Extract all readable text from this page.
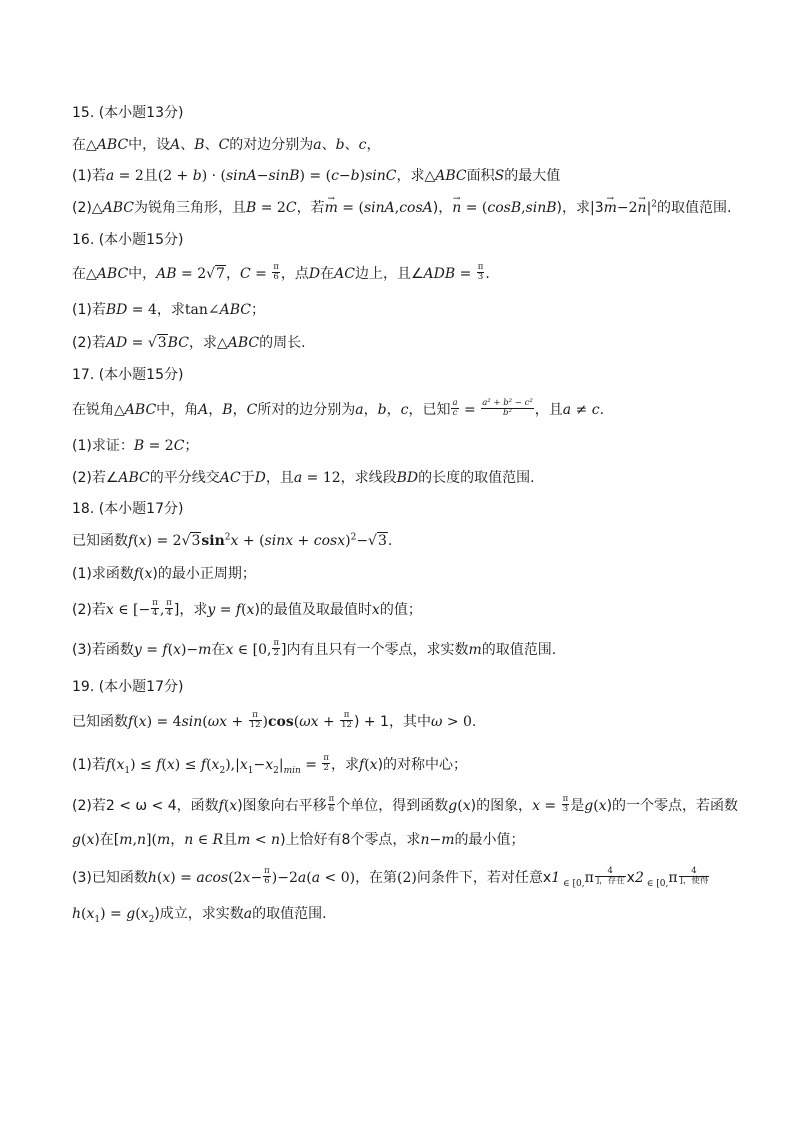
15. (本小题13分)
在△ABC中，设A、B、C的对边分别为a、b、c，
(1)若a = 2且(2 + b) · (sinA−sinB) = (c−b)sinC，求△ABC面积S的最大值
(2)△ABC为锐角三角形，且B = 2C，若→ m = (sinA,cosA)，→ n = (cosB,sinB)，求$|3\to m-2\to n|^2$的取值范围.
16. (本小题15分)
在△ABC中，AB = 2√7，$C = \frac{\pi}{6}$ ，点D在AC边上，且∠ADB = $\frac{\pi}{3}$ .
(1)若BD = 4，求tan∠ABC；
(2)若AD = √3BC，求△ABC的周长.
17. (本小题15分)
在锐角△ABC中，角A，B，C所对的边分别为a，b，c，已知 $\frac{a}{c} = \frac{\text{a² + b² − c²}}{\text{b²}}$ ，且a ≠ c.
(1)求证：B = 2C；
(2)若∠ABC的平分线交AC于D，且a = 12，求线段BD的长度的取值范围.
18. (本小题17分)
已知函数$f(x) = 2√3\sin^2x + (\sin x + \cos x)^2-√3$.
(1)求函数f(x)的最小正周期；
(2)若x ∈ [− $\frac{\pi}{4}$ , $\frac{\pi}{4}$ ]，求y = f(x)的最值及取最值时x的值；
(3)若函数y = f(x)−m在x ∈ [0, $\frac{\pi}{2}$ ]内有且只有一个零点，求实数m的取值范围.
19. (本小题17分)
已知函数$f(x) = 4\sin(\omega x + \frac{\pi}{12} )\cos(\omega x + \frac{\pi}{12}$ ) + 1，其中ω > 0.
(1)若$f(x_1) \le f(x) \le f(x_2),|x_1-x_2|_{min} = \frac{\pi}{2}$ ，求f(x)的对称中心；
(2)若2 < ω < 4，函数f(x)图象向右平移 $\frac{\pi}{6}$ 个单位，得到函数g(x)的图象，$x = \frac{\pi}{3}$ 是g(x)的一个零点，若函数
g(x)在[m,n](m，n ∈ R且m < n)上恰好有8个零点，求n−m的最小值；
(3)已知函数$h(x) = acos(2x- \frac{\pi}{6} )-2a(a < 0)$，在第(2)问条件下，若对任意x1 $_{\in [0,}\pi \frac{4}{\text{]，存在}} x2$ $_{\in [0,}\pi \frac{4}{\text{]，使得}}$
$h(x_1) = g(x_2)$成立，求实数a的取值范围.
